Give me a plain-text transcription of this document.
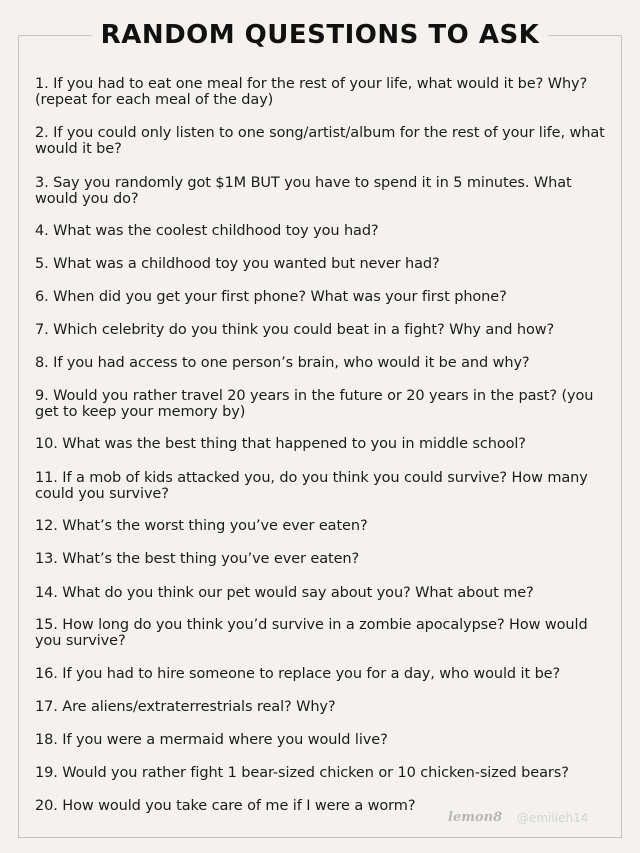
RANDOM QUESTIONS TO ASK
1. If you had to eat one meal for the rest of your life, what would it be? Why? (repeat for each meal of the day)
2. If you could only listen to one song/artist/album for the rest of your life, what would it be?
3. Say you randomly got $1M BUT you have to spend it in 5 minutes. What would you do?
4. What was the coolest childhood toy you had?
5. What was a childhood toy you wanted but never had?
6. When did you get your first phone? What was your first phone?
7. Which celebrity do you think you could beat in a fight? Why and how?
8. If you had access to one person’s brain, who would it be and why?
9. Would you rather travel 20 years in the future or 20 years in the past? (you get to keep your memory by)
10. What was the best thing that happened to you in middle school?
11. If a mob of kids attacked you, do you think you could survive? How many could you survive?
12. What’s the worst thing you’ve ever eaten?
13. What’s the best thing you’ve ever eaten?
14. What do you think our pet would say about you? What about me?
15. How long do you think you’d survive in a zombie apocalypse? How would you survive?
16. If you had to hire someone to replace you for a day, who would it be?
17. Are aliens/extraterrestrials real? Why?
18. If you were a mermaid where you would live?
19. Would you rather fight 1 bear-sized chicken or 10 chicken-sized bears?
20. How would you take care of me if I were a worm?
lemon8 @emilieh14
